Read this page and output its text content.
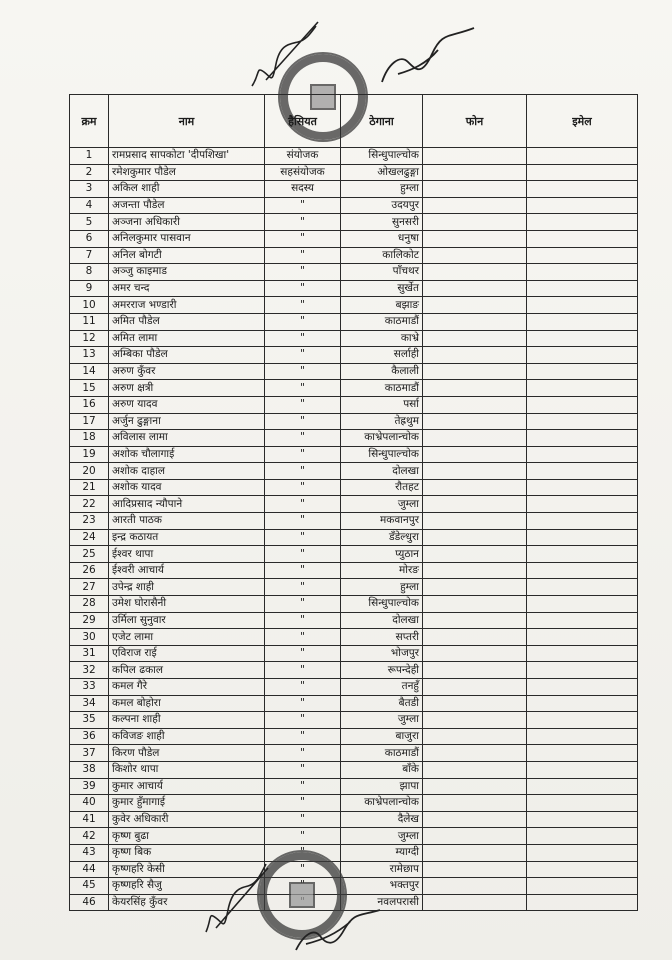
क्रम	नाम	हैसियत	ठेगाना	फोन	इमेल
1	रामप्रसाद सापकोटा 'दीपशिखा'	संयोजक	सिन्धुपाल्चोक		
2	रमेशकुमार पौडेल	सहसंयोजक	ओखलढुङ्गा		
3	अकिल शाही	सदस्य	हुम्ला		
4	अजन्ता पौडेल	"	उदयपुर		
5	अञ्जना अधिकारी	"	सुनसरी		
6	अनिलकुमार पासवान	"	धनुषा		
7	अनिल बोगटी	"	कालिकोट		
8	अञ्जु काइमाड	"	पाँचथर		
9	अमर चन्द	"	सुर्खेत		
10	अमरराज भण्डारी	"	बझाङ		
11	अमित पौडेल	"	काठमाडौं		
12	अमित लामा	"	काभ्रे		
13	अम्बिका पौडेल	"	सर्लाही		
14	अरुण कुँवर	"	कैलाली		
15	अरुण क्षत्री	"	काठमाडौं		
16	अरुण यादव	"	पर्सा		
17	अर्जुन ढुङ्गाना	"	तेह्रथुम		
18	अविलास लामा	"	काभ्रेपलान्चोक		
19	अशोक चौलागाई	"	सिन्धुपाल्चोक		
20	अशोक दाहाल	"	दोलखा		
21	अशोक यादव	"	रौतहट		
22	आदिप्रसाद न्यौपाने	"	जुम्ला		
23	आरती पाठक	"	मकवानपुर		
24	इन्द्र कठायत	"	डँडेल्धुरा		
25	ईश्वर थापा	"	प्युठान		
26	ईश्वरी आचार्य	"	मोरङ		
27	उपेन्द्र शाही	"	हुम्ला		
28	उमेश घोरासैनी	"	सिन्धुपाल्चोक		
29	उर्मिला सुनुवार	"	दोलखा		
30	एजेट लामा	"	सप्तरी		
31	एविराज राई	"	भोजपुर		
32	कपिल ढकाल	"	रूपन्देही		
33	कमल गैरे	"	तनहुँ		
34	कमल बोहोरा	"	बैतडी		
35	कल्पना शाही	"	जुम्ला		
36	कविजङ शाही	"	बाजुरा		
37	किरण पौडेल	"	काठमाडौं		
38	किशोर थापा	"	बाँके		
39	कुमार आचार्य	"	झापा		
40	कुमार हुँमागाई	"	काभ्रेपलान्चोक		
41	कुवेर अधिकारी	"	दैलेख		
42	कृष्ण बुढा	"	जुम्ला		
43	कृष्ण बिक	"	म्याग्दी		
44	कृष्णहरि केसी	"	रामेछाप		
45	कृष्णहरि सैजु		भक्तपुर		
46	केयरसिंह कुँवर		नवलपरासी		
